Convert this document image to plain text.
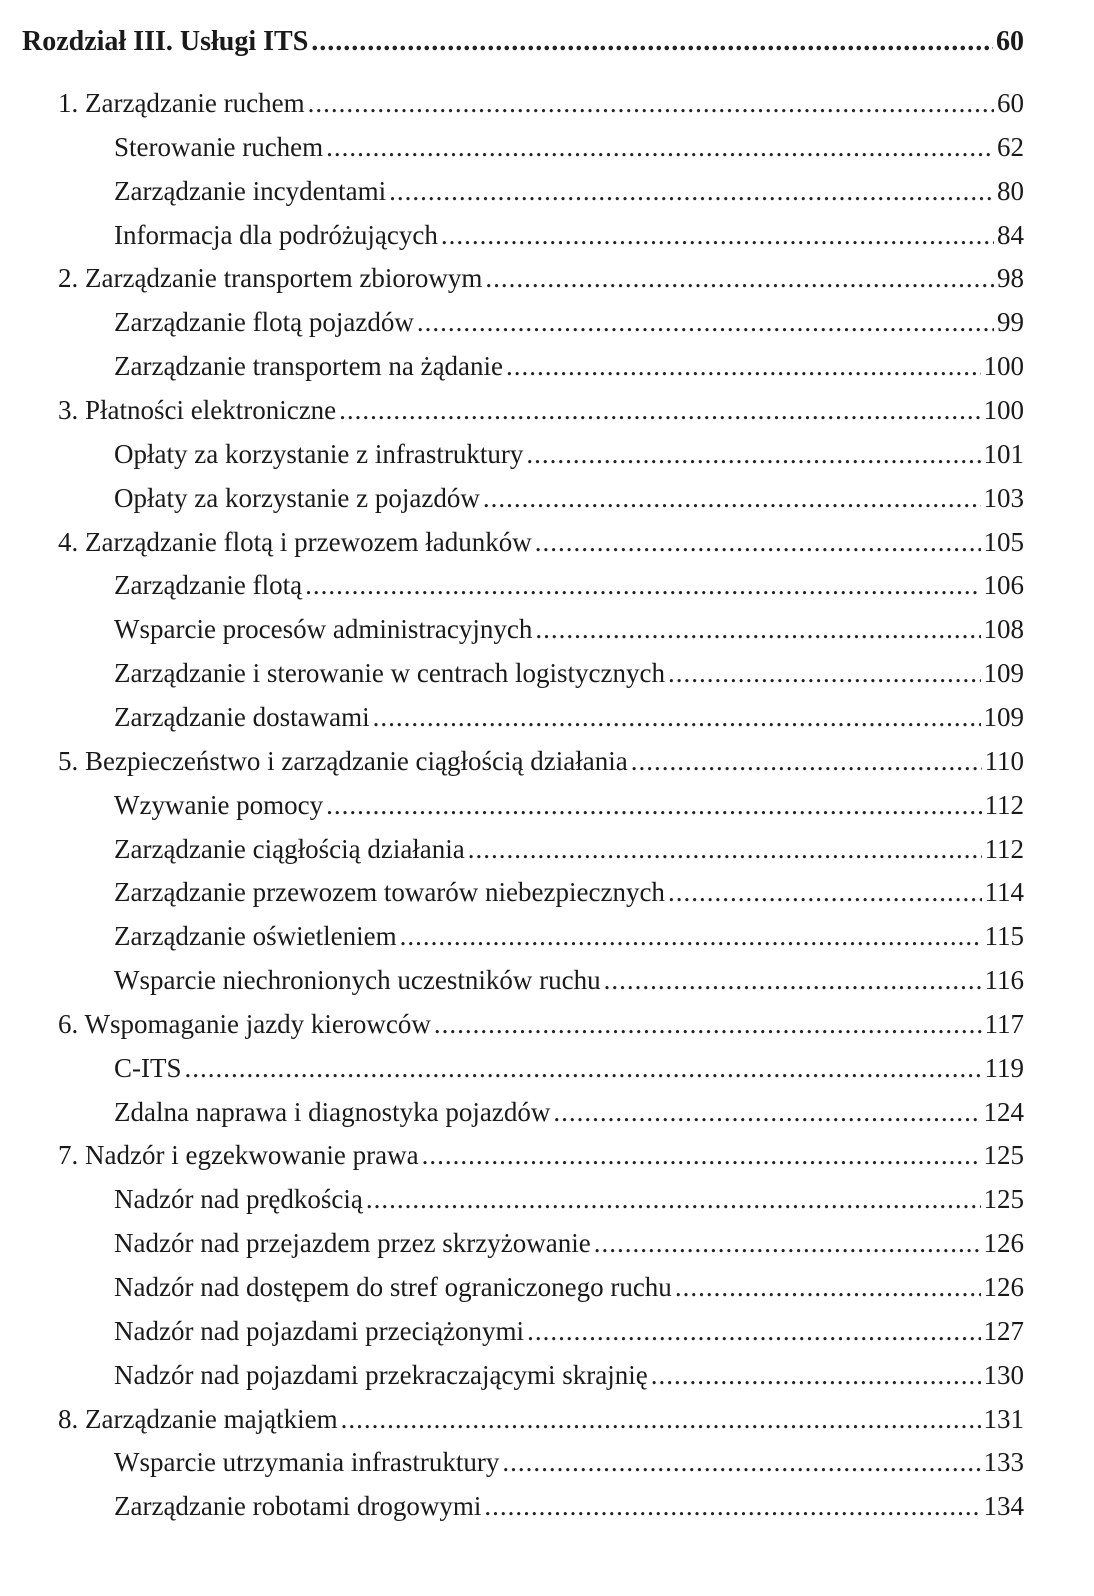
Rozdział III. Usługi ITS .....	60
1. Zarządzanie ruchem .....	60
Sterowanie ruchem .....	62
Zarządzanie incydentami .....	80
Informacja dla podróżujących .....	84
2. Zarządzanie transportem zbiorowym .....	98
Zarządzanie flotą pojazdów .....	99
Zarządzanie transportem na żądanie .....	100
3. Płatności elektroniczne .....	100
Opłaty za korzystanie z infrastruktury .....	101
Opłaty za korzystanie z pojazdów .....	103
4. Zarządzanie flotą i przewozem ładunków .....	105
Zarządzanie flotą .....	106
Wsparcie procesów administracyjnych .....	108
Zarządzanie i sterowanie w centrach logistycznych .....	109
Zarządzanie dostawami .....	109
5. Bezpieczeństwo i zarządzanie ciągłością działania .....	110
Wzywanie pomocy .....	112
Zarządzanie ciągłością działania .....	112
Zarządzanie przewozem towarów niebezpiecznych .....	114
Zarządzanie oświetleniem .....	115
Wsparcie niechronionych uczestników ruchu .....	116
6. Wspomaganie jazdy kierowców .....	117
C-ITS .....	119
Zdalna naprawa i diagnostyka pojazdów .....	124
7. Nadzór i egzekwowanie prawa .....	125
Nadzór nad prędkością .....	125
Nadzór nad przejazdem przez skrzyżowanie .....	126
Nadzór nad dostępem do stref ograniczonego ruchu .....	126
Nadzór nad pojazdami przeciążonymi .....	127
Nadzór nad pojazdami przekraczającymi skrajnię .....	130
8. Zarządzanie majątkiem .....	131
Wsparcie utrzymania infrastruktury .....	133
Zarządzanie robotami drogowymi .....	134
